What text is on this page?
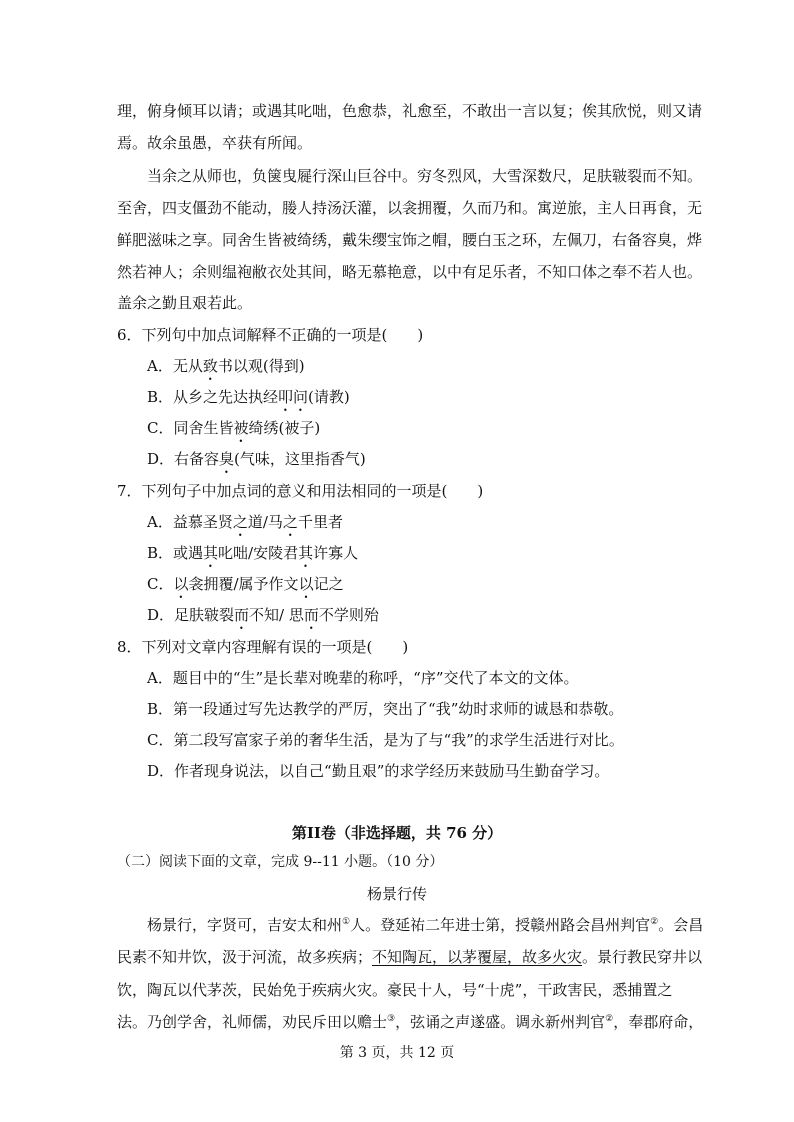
理，俯身倾耳以请；或遇其叱咄，色愈恭，礼愈至，不敢出一言以复；俟其欣悦，则又请
焉。故余虽愚，卒获有所闻。
当余之从师也，负箧曳屣行深山巨谷中。穷冬烈风，大雪深数尺，足肤皲裂而不知。
至舍，四支僵劲不能动，媵人持汤沃灌，以衾拥覆，久而乃和。寓逆旅，主人日再食，无
鲜肥滋味之享。同舍生皆被绮绣，戴朱缨宝饰之帽，腰白玉之环，左佩刀，右备容臭，烨
然若神人；余则缊袍敝衣处其间，略无慕艳意，以中有足乐者，不知口体之奉不若人也。
盖余之勤且艰若此。
6．下列句中加点词解释不正确的一项是(　　)
A．无从致书以观(得到)
B．从乡之先达执经叩问(请教)
C．同舍生皆被绮绣(被子)
D．右备容臭(气味，这里指香气)
7．下列句子中加点词的意义和用法相同的一项是(　　)
A．益慕圣贤之道/马之千里者
B．或遇其叱咄/安陵君其许寡人
C．以衾拥覆/属予作文以记之
D．足肤皲裂而不知/ 思而不学则殆
8．下列对文章内容理解有误的一项是(　　)
A．题目中的“生”是长辈对晚辈的称呼，“序”交代了本文的文体。
B．第一段通过写先达教学的严厉，突出了“我”幼时求师的诚恳和恭敬。
C．第二段写富家子弟的奢华生活，是为了与“我”的求学生活进行对比。
D．作者现身说法，以自己“勤且艰”的求学经历来鼓励马生勤奋学习。
第II卷（非选择题，共 76 分）
（二）阅读下面的文章，完成 9--11 小题。（10 分）
杨景行传
杨景行，字贤可，吉安太和州①人。登延祐二年进士第，授赣州路会昌州判官②。会昌
民素不知井饮，汲于河流，故多疾病；不知陶瓦，以茅覆屋，故多火灾。景行教民穿井以
饮，陶瓦以代茅茨，民始免于疾病火灾。豪民十人，号“十虎”，干政害民，悉捕置之
法。乃创学舍，礼师儒，劝民斥田以赡士③，弦诵之声遂盛。调永新州判官②，奉郡府命，
第 3 页，共 12 页
